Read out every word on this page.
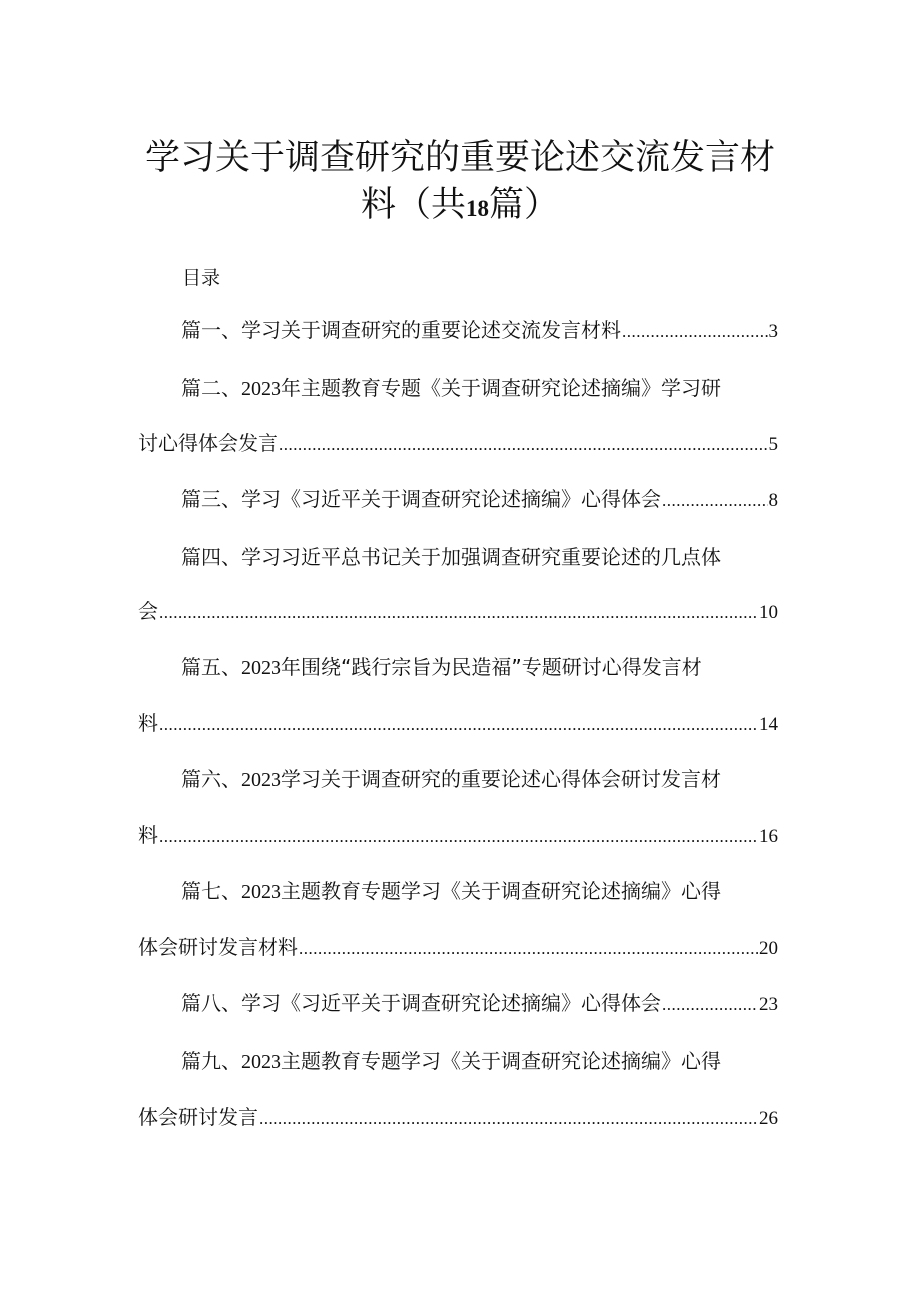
学习关于调查研究的重要论述交流发言材
料（共18篇）
目录
篇一、学习关于调查研究的重要论述交流发言材料 .....	3
篇二、2023年主题教育专题《关于调查研究论述摘编》学习研
讨心得体会发言 .....	5
篇三、学习《习近平关于调查研究论述摘编》心得体会 .....	8
篇四、学习习近平总书记关于加强调查研究重要论述的几点体
会 .....	10
篇五、2023年围绕“践行宗旨为民造福”专题研讨心得发言材
料 .....	14
篇六、2023学习关于调查研究的重要论述心得体会研讨发言材
料 .....	16
篇七、2023主题教育专题学习《关于调查研究论述摘编》心得
体会研讨发言材料 .....	20
篇八、学习《习近平关于调查研究论述摘编》心得体会 .....	23
篇九、2023主题教育专题学习《关于调查研究论述摘编》心得
体会研讨发言 .....	26
